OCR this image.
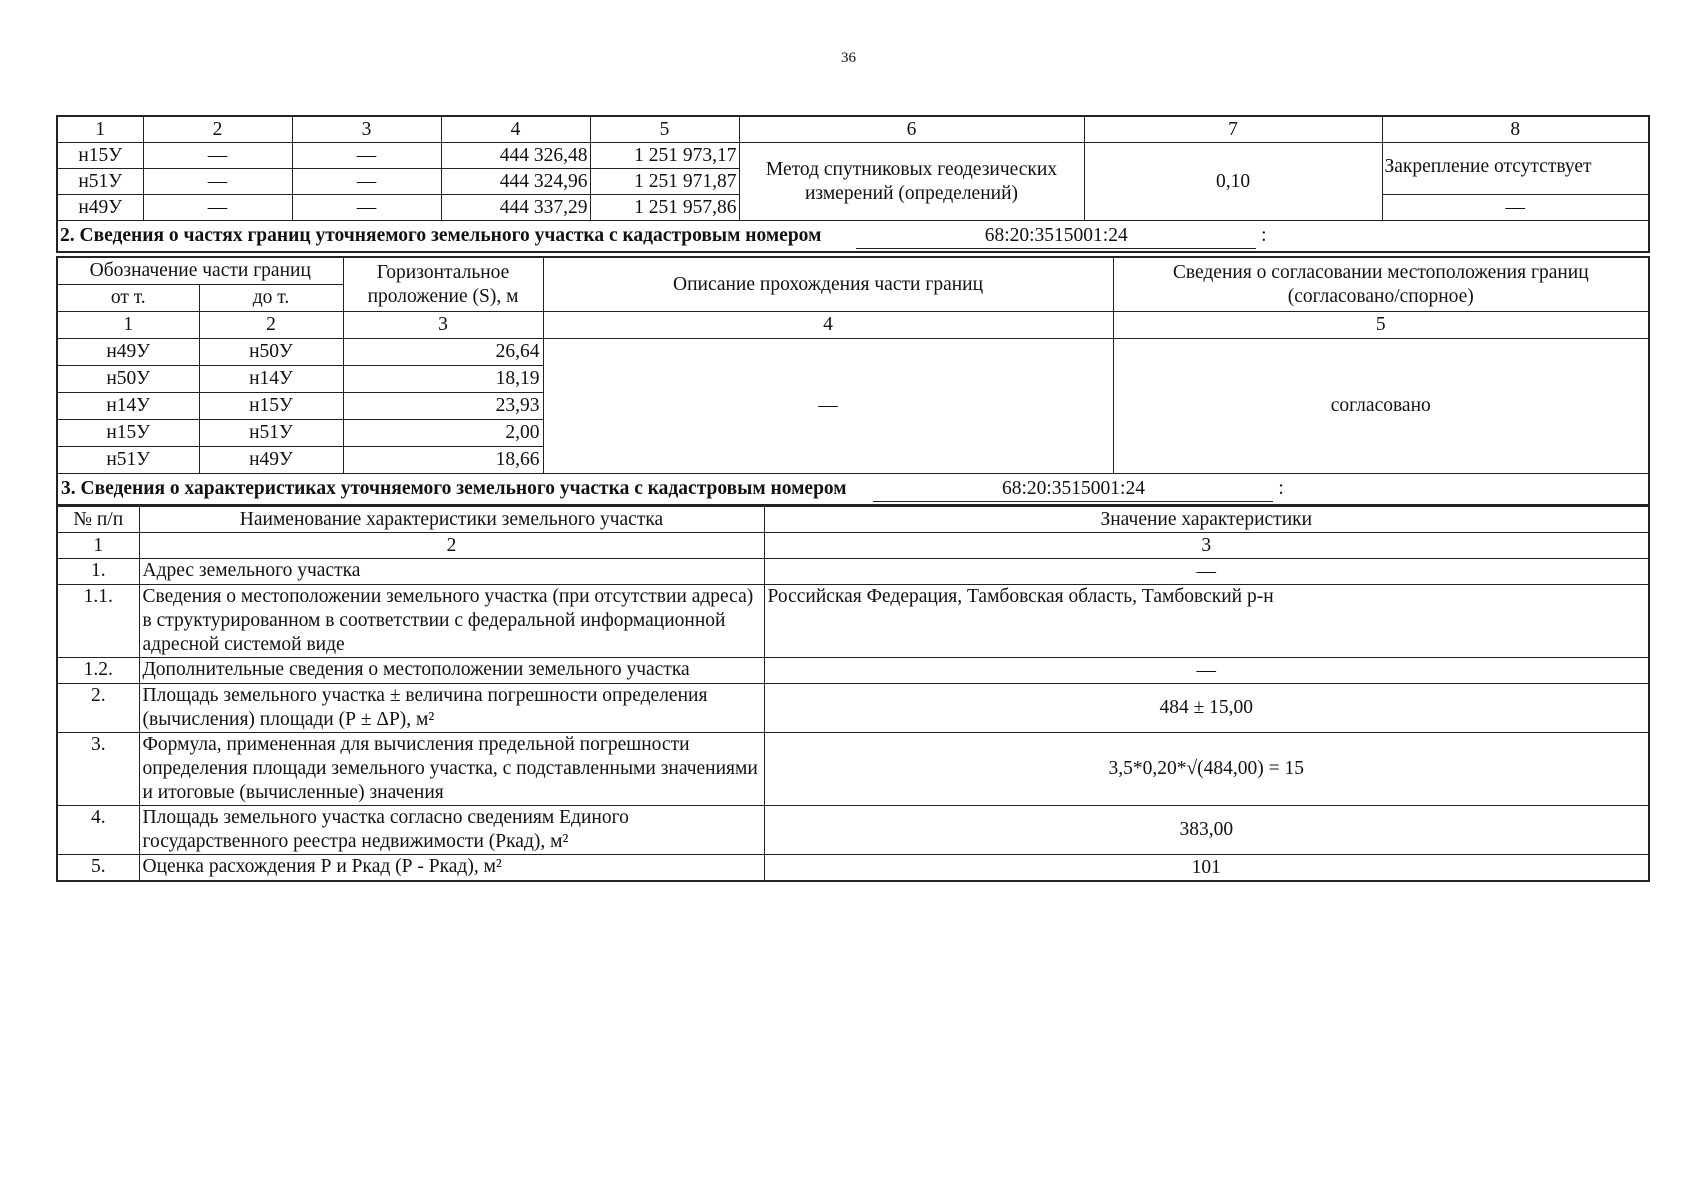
36
1	2	3	4	5	6	7	8
н15У	—	—	444 326,48	1 251 973,17	Метод спутниковых геодезических измерений (определений)	0,10	Закрепление отсутствует
н51У	—	—	444 324,96	1 251 971,87			
н49У	—	—	444 337,29	1 251 957,86			—
2. Сведения о частях границ уточняемого земельного участка с кадастровым номером 68:20:3515001:24 :							
Обозначение части границ		Горизонтальное проложение (S), м	Описание прохождения части границ	Сведения о согласовании местоположения границ (согласовано/спорное)
от т.	до т.			
1	2	3	4	5
н49У	н50У	26,64	—	согласовано
н50У	н14У	18,19		
н14У	н15У	23,93		
н15У	н51У	2,00		
н51У	н49У	18,66		
3. Сведения о характеристиках уточняемого земельного участка с кадастровым номером 68:20:3515001:24 :				
№ п/п	Наименование характеристики земельного участка	Значение характеристики
1	2	3
1.	Адрес земельного участка	—
1.1.	Сведения о местоположении земельного участка (при отсутствии адреса) в структурированном в соответствии с федеральной информационной адресной системой виде	Российская Федерация, Тамбовская область, Тамбовский р-н
1.2.	Дополнительные сведения о местоположении земельного участка	—
2.	Площадь земельного участка ± величина погрешности определения (вычисления) площади (Р ± ΔР), м²	484 ± 15,00
3.	Формула, примененная для вычисления предельной погрешности определения площади земельного участка, с подставленными значениями и итоговые (вычисленные) значения	3,5*0,20*√(484,00) = 15
4.	Площадь земельного участка согласно сведениям Единого государственного реестра недвижимости (Ркад), м²	383,00
5.	Оценка расхождения Р и Ркад (Р - Ркад), м²	101
